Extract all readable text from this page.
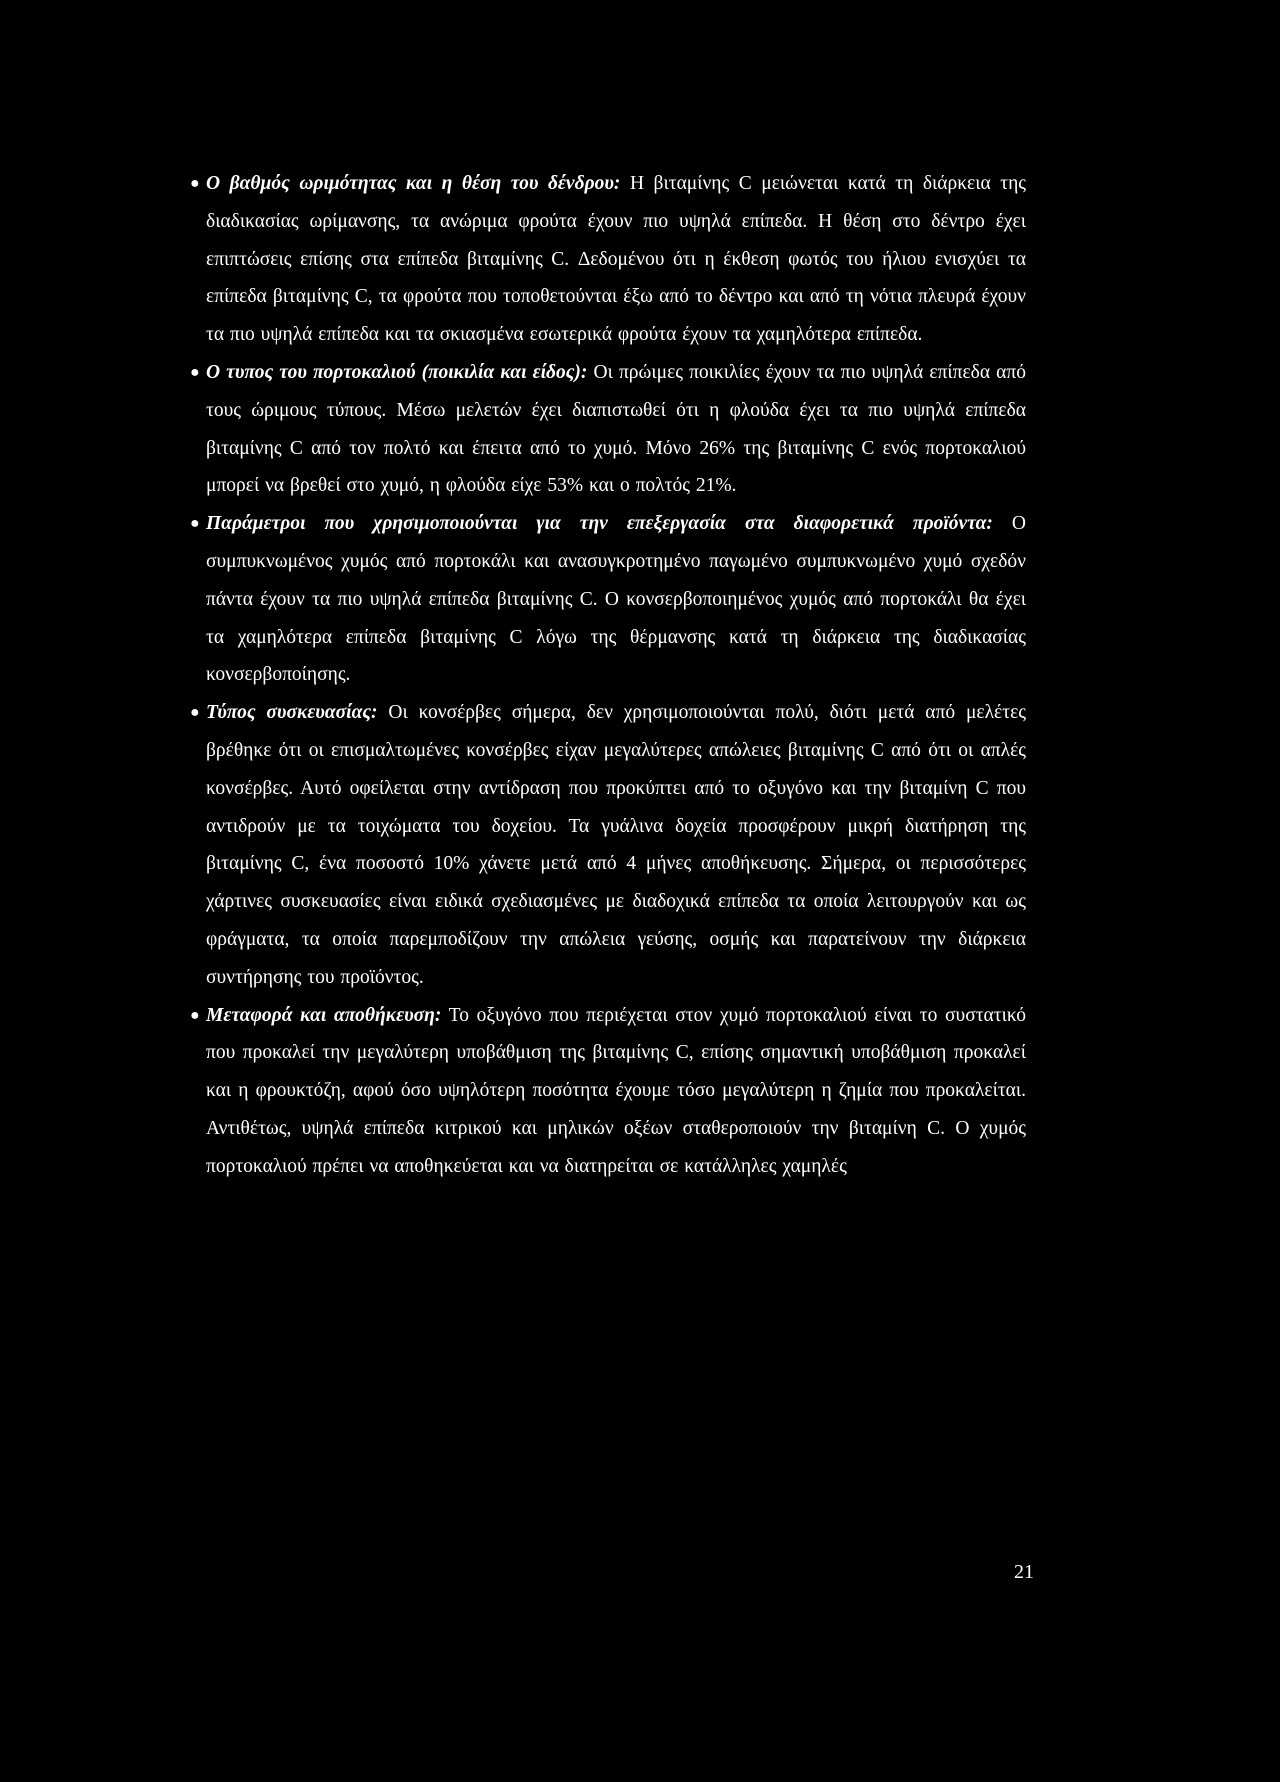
● Ο βαθμός ωριμότητας και η θέση του δένδρου: Η βιταμίνης C μειώνεται κατά τη διάρκεια της διαδικασίας ωρίμανσης, τα ανώριμα φρούτα έχουν πιο υψηλά επίπεδα. Η θέση στο δέντρο έχει επιπτώσεις επίσης στα επίπεδα βιταμίνης C. Δεδομένου ότι η έκθεση φωτός του ήλιου ενισχύει τα επίπεδα βιταμίνης C, τα φρούτα που τοποθετούνται έξω από το δέντρο και από τη νότια πλευρά έχουν τα πιο υψηλά επίπεδα και τα σκιασμένα εσωτερικά φρούτα έχουν τα χαμηλότερα επίπεδα.
● Ο τυπος του πορτοκαλιού (ποικιλία και είδος): Οι πρώιμες ποικιλίες έχουν τα πιο υψηλά επίπεδα από τους ώριμους τύπους. Μέσω μελετών έχει διαπιστωθεί ότι η φλούδα έχει τα πιο υψηλά επίπεδα βιταμίνης C από τον πολτό και έπειτα από το χυμό. Μόνο 26% της βιταμίνης C ενός πορτοκαλιού μπορεί να βρεθεί στο χυμό, η φλούδα είχε 53% και ο πολτός 21%.
● Παράμετροι που χρησιμοποιούνται για την επεξεργασία στα διαφορετικά προϊόντα: Ο συμπυκνωμένος χυμός από πορτοκάλι και ανασυγκροτημένο παγωμένο συμπυκνωμένο χυμό σχεδόν πάντα έχουν τα πιο υψηλά επίπεδα βιταμίνης C. Ο κονσερβοποιημένος χυμός από πορτοκάλι θα έχει τα χαμηλότερα επίπεδα βιταμίνης C λόγω της θέρμανσης κατά τη διάρκεια της διαδικασίας κονσερβοποίησης.
● Τύπος συσκευασίας: Οι κονσέρβες σήμερα, δεν χρησιμοποιούνται πολύ, διότι μετά από μελέτες βρέθηκε ότι οι επισμαλτωμένες κονσέρβες είχαν μεγαλύτερες απώλειες βιταμίνης C από ότι οι απλές κονσέρβες. Αυτό οφείλεται στην αντίδραση που προκύπτει από το οξυγόνο και την βιταμίνη C που αντιδρούν με τα τοιχώματα του δοχείου. Τα γυάλινα δοχεία προσφέρουν μικρή διατήρηση της βιταμίνης C, ένα ποσοστό 10% χάνετε μετά από 4 μήνες αποθήκευσης. Σήμερα, οι περισσότερες χάρτινες συσκευασίες είναι ειδικά σχεδιασμένες με διαδοχικά επίπεδα τα οποία λειτουργούν και ως φράγματα, τα οποία παρεμποδίζουν την απώλεια γεύσης, οσμής και παρατείνουν την διάρκεια συντήρησης του προϊόντος.
● Μεταφορά και αποθήκευση: Το οξυγόνο που περιέχεται στον χυμό πορτοκαλιού είναι το συστατικό που προκαλεί την μεγαλύτερη υποβάθμιση της βιταμίνης C, επίσης σημαντική υποβάθμιση προκαλεί και η φρουκτόζη, αφού όσο υψηλότερη ποσότητα έχουμε τόσο μεγαλύτερη η ζημία που προκαλείται. Αντιθέτως, υψηλά επίπεδα κιτρικού και μηλικών οξέων σταθεροποιούν την βιταμίνη C. Ο χυμός πορτοκαλιού πρέπει να αποθηκεύεται και να διατηρείται σε κατάλληλες χαμηλές
21
